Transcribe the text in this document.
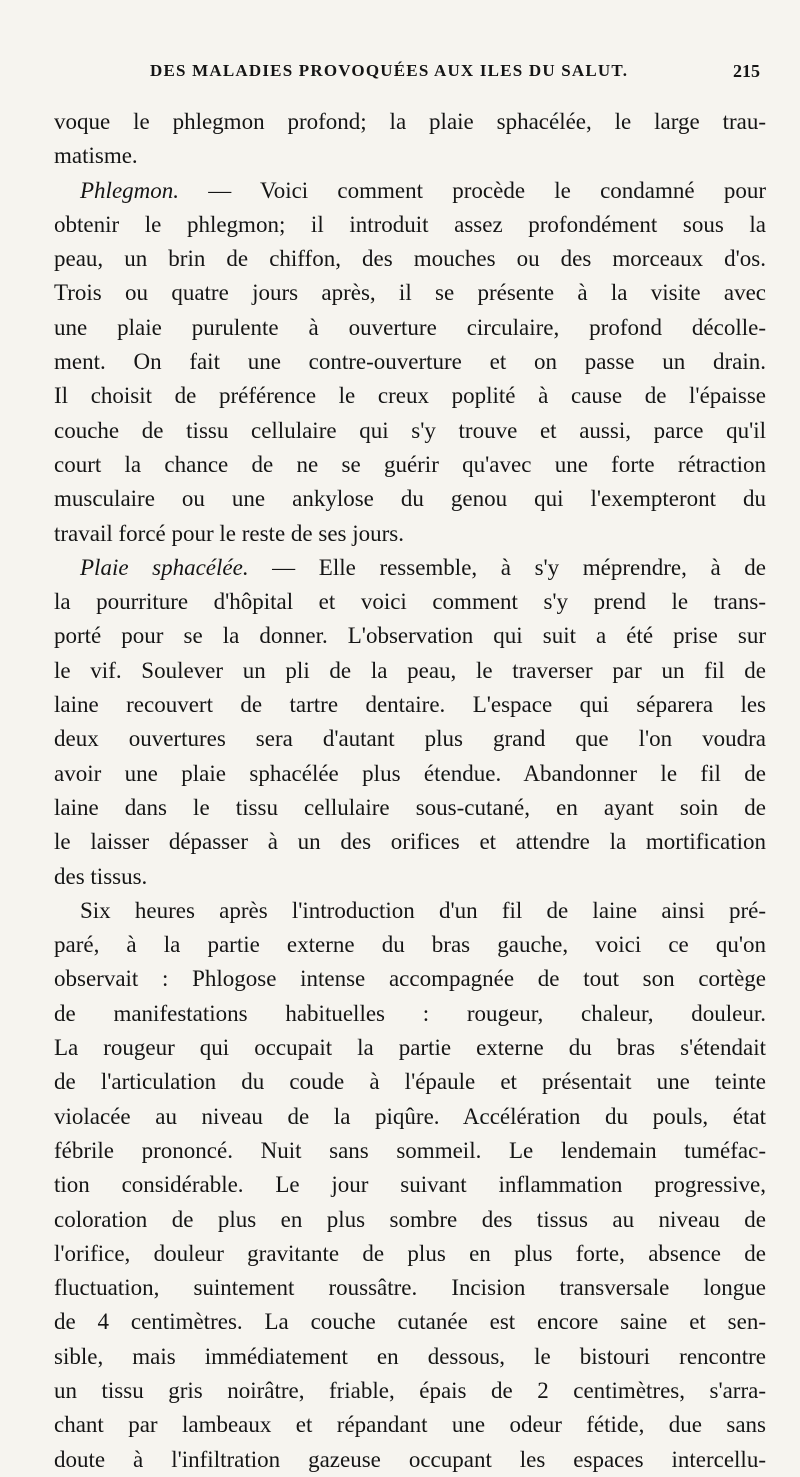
DES MALADIES PROVOQUÉES AUX ILES DU SALUT.	215
voque le phlegmon profond; la plaie sphacélée, le large trau-
matisme.
Phlegmon. — Voici comment procède le condamné pour
obtenir le phlegmon; il introduit assez profondément sous la
peau, un brin de chiffon, des mouches ou des morceaux d'os.
Trois ou quatre jours après, il se présente à la visite avec
une plaie purulente à ouverture circulaire, profond décolle-
ment. On fait une contre-ouverture et on passe un drain.
Il choisit de préférence le creux poplité à cause de l'épaisse
couche de tissu cellulaire qui s'y trouve et aussi, parce qu'il
court la chance de ne se guérir qu'avec une forte rétraction
musculaire ou une ankylose du genou qui l'exempteront du
travail forcé pour le reste de ses jours.
Plaie sphacélée. — Elle ressemble, à s'y méprendre, à de
la pourriture d'hôpital et voici comment s'y prend le trans-
porté pour se la donner. L'observation qui suit a été prise sur
le vif. Soulever un pli de la peau, le traverser par un fil de
laine recouvert de tartre dentaire. L'espace qui séparera les
deux ouvertures sera d'autant plus grand que l'on voudra
avoir une plaie sphacélée plus étendue. Abandonner le fil de
laine dans le tissu cellulaire sous-cutané, en ayant soin de
le laisser dépasser à un des orifices et attendre la mortification
des tissus.
Six heures après l'introduction d'un fil de laine ainsi pré-
paré, à la partie externe du bras gauche, voici ce qu'on
observait : Phlogose intense accompagnée de tout son cortège
de manifestations habituelles : rougeur, chaleur, douleur.
La rougeur qui occupait la partie externe du bras s'étendait
de l'articulation du coude à l'épaule et présentait une teinte
violacée au niveau de la piqûre. Accélération du pouls, état
fébrile prononcé. Nuit sans sommeil. Le lendemain tuméfac-
tion considérable. Le jour suivant inflammation progressive,
coloration de plus en plus sombre des tissus au niveau de
l'orifice, douleur gravitante de plus en plus forte, absence de
fluctuation, suintement roussâtre. Incision transversale longue
de 4 centimètres. La couche cutanée est encore saine et sen-
sible, mais immédiatement en dessous, le bistouri rencontre
un tissu gris noirâtre, friable, épais de 2 centimètres, s'arra-
chant par lambeaux et répandant une odeur fétide, due sans
doute à l'infiltration gazeuse occupant les espaces intercellu-
